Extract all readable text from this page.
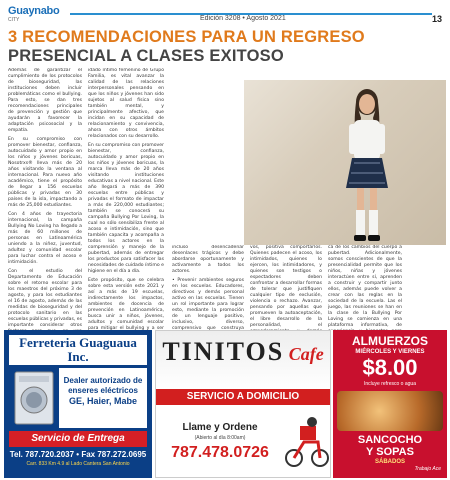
Guaynabo
CITY	Edición 3208 • Agosto 2021	13
3 RECOMENDACIONES PARA UN REGRESO
PRESENCIAL A CLASES EXITOSO

Además de garantizar el cumplimiento de los protocolos de bioseguridad, las instituciones deben incluir problemáticas como el bullying. Para esto, se dan tres recomendaciones principales de prevención y gestión que ayudarán a favorecer la adaptación psicosocial y la empatía.

En su compromiso con promover bienestar, confianza, autocuidado y amor propio en los niños y jóvenes boricuas, Nosotrxs® lleva más de 20 años visitando la ventana al internacional. Para nuevo año académico, tiene el propósito de llegar a 156 escuelas públicas y privadas en 30 países de la isla, impactando a más de 25,000 estudiantes.

Con 4 años de trayectoria internacional, la campaña Bullying No Loving ha llegado a más de 60 millones de personas en Latinoamérica uniendo a la niñez, juventud, adultez y comunidad escolar para luchar contra el acoso e intimidación.

Con el estudio del Departamento de Educación sobre el retorno escolar para los maestros del próximo 3 de agosto, y para los estudiantes el 16 de agosto, además de las medidas de bioseguridad y del protocolo sanitario en las escuelas públicas y privadas, es importante considerar otros

idado íntimo femenino de Grupo Familia, es vital avanzar la calidad de las relaciones interpersonales pensando en que los niños y jóvenes han sido sujetos al salud física sino también mental, y principalmente afectivo, que incidan en su capacidad de relacionamiento y convivencia, ahora con otros ámbitos relacionados con su desarrollo.

En su compromiso con promover bienestar, confianza, autocuidado y amor propio en los niños y jóvenes boricuas, la marca lleva más de 20 años visitando instituciones educativas a nivel nacional. Este año llegará a más de 390 escuelas entre públicas y privadas el formato de impactar a más de 220,000 estudiantes; también se conocerá su campaña Bullying Por Loving, la cual no sólo sensibiliza frente al acoso e intimidación, sino que también capacita y acompaña a todos los actores en la comprensión y manejo de la pubertad, además de entregar los productos para satisfacer las necesidades de cuidado íntimo e higiene en el día a día.

Este propósito, que se celebra sobre esta versión este 2021 y así a más de 19 escuelas, indirectamente los impactos, ambientes de docencia de prevención en Latinoamérica, busca unir a niños, jóvenes, adultos y comunidad escolar para mitigar el bullying y a ser

incluso desencadenar desenlaces trágicos y debe abordarse oportunamente y activamente a todos los actores.

• Prevenir ambientes seguros en los escuelas. Educadores, directivos y demás personal activo en las escuelas. Tienen un rol importante para lograr esto, mediante la promoción de un lenguaje positivo, inclusivo, diverso, comprensivo que construya

vos, positiva comportarlos. Quienes padecen el acoso, los intimidados, quienes lo ejercen, los intimidadores, y quienes son testigos o espectadores deben confrontar a desarrollar formas de tolerar que justifiquen cualquier tipo de exclusión, violencia o rechazo. Avanzar, pensando por aquellas que promueven la autoaceptación, el libre desarrollo de la personalidad, el

ca de los cambios del cuerpo a pubertad. Adicionalmente, somos conscientes de que la presencialidad permite que los niños, niñas y jóvenes interactúen entre sí, aprenden a construir y compartir junto ellos, además puede volver a crear con las reglas en la sociedad de la escuela. Las el juego, las reuniones se han en la clase de la Bullying Por Loving se comienza en una plataforma informativa, de

Ferreteria Guaguaua Inc.
Dealer autorizado de
enseres eléctricos
GE, Haier, Mabe
Servicio de Entrega
Tel. 787.720.2037 • Fax 787.272.0695
Carr. 833 Km 4.9 al Lado Cantera San Antonio
TINITOS Cafe
SERVICIO A DOMICILIO
Llame y Ordene
(Abierto al día 8:00am)
787.478.0726
ALMUERZOS
MIÉRCOLES Y VIERNES
$8.00
Incluye refresco o agua
SANCOCHO
Y SOPAS
SÁBADOS
Trabajo Ace
